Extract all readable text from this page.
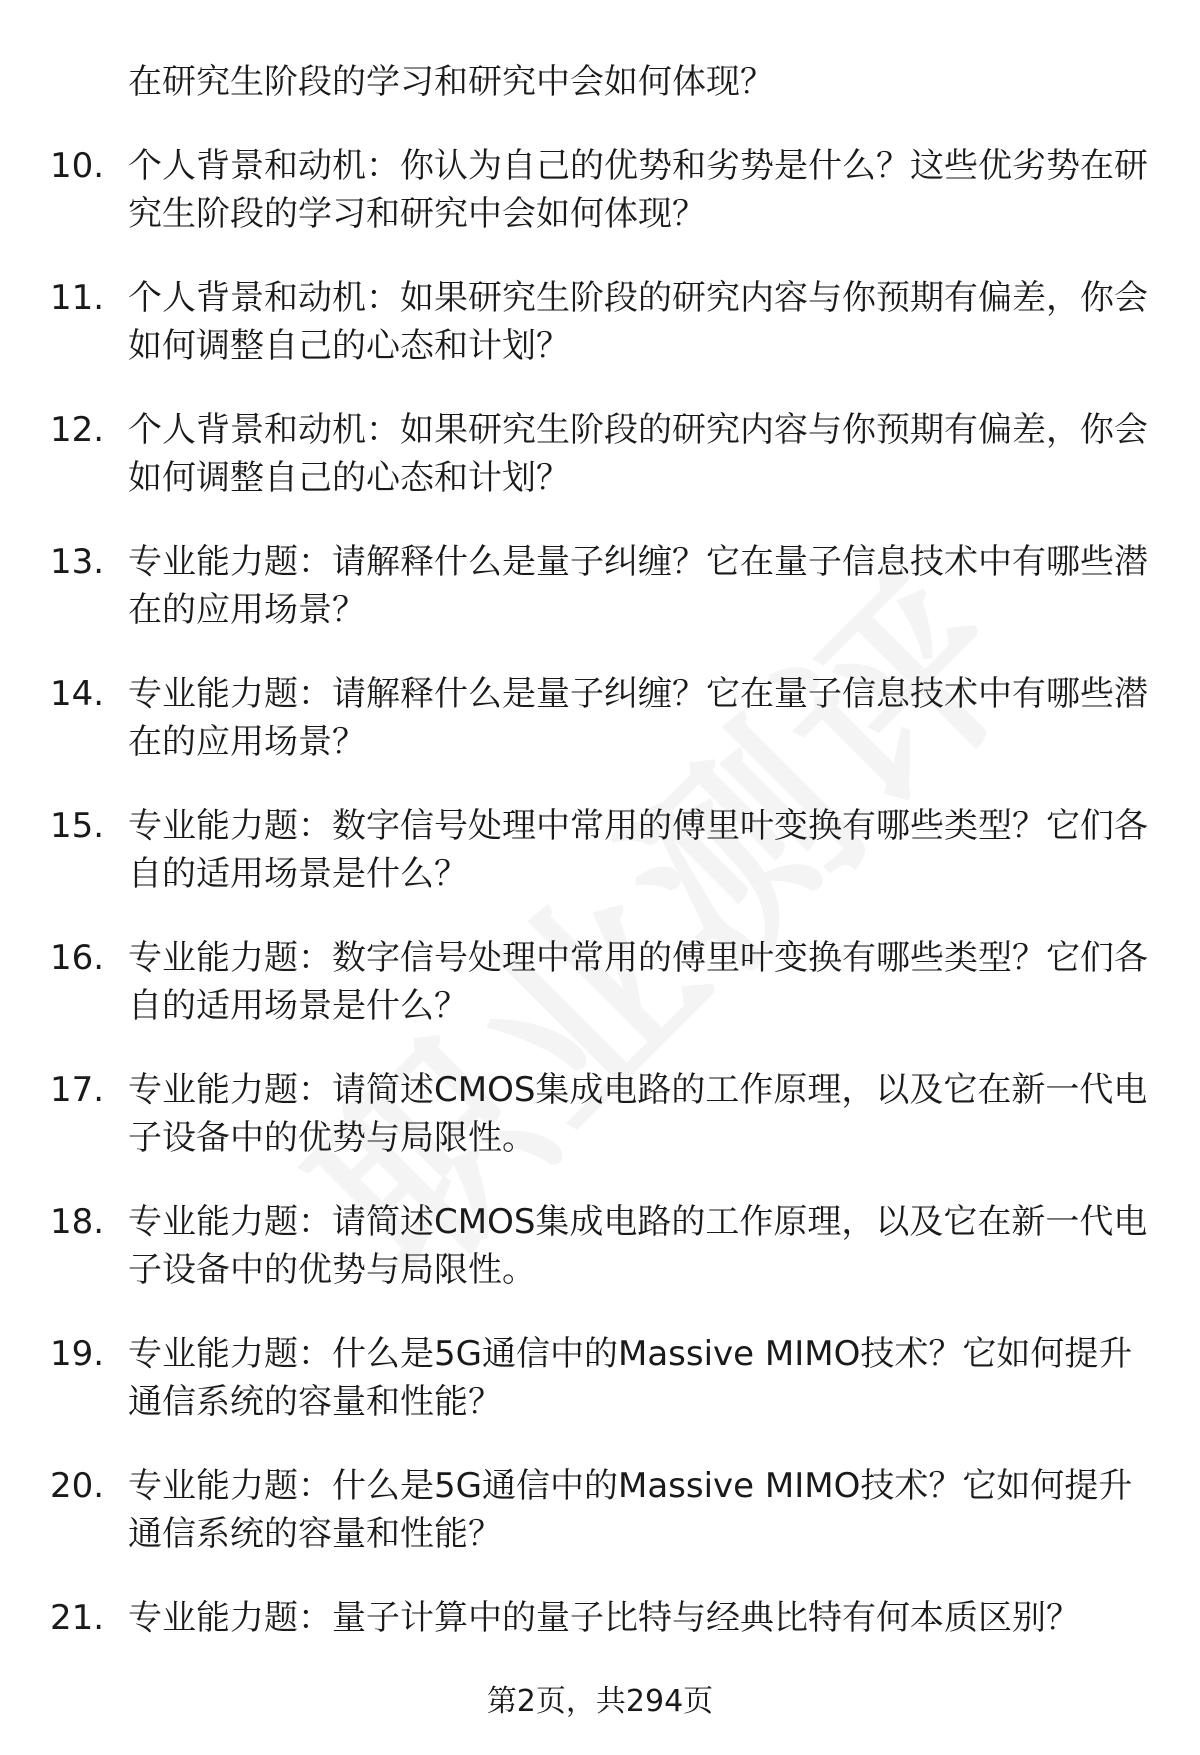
在研究生阶段的学习和研究中会如何体现？
10. 个人背景和动机：你认为自己的优势和劣势是什么？这些优劣势在研究生阶段的学习和研究中会如何体现？
11. 个人背景和动机：如果研究生阶段的研究内容与你预期有偏差，你会如何调整自己的心态和计划？
12. 个人背景和动机：如果研究生阶段的研究内容与你预期有偏差，你会如何调整自己的心态和计划？
13. 专业能力题：请解释什么是量子纠缠？它在量子信息技术中有哪些潜在的应用场景？
14. 专业能力题：请解释什么是量子纠缠？它在量子信息技术中有哪些潜在的应用场景？
15. 专业能力题：数字信号处理中常用的傅里叶变换有哪些类型？它们各自的适用场景是什么？
16. 专业能力题：数字信号处理中常用的傅里叶变换有哪些类型？它们各自的适用场景是什么？
17. 专业能力题：请简述CMOS集成电路的工作原理，以及它在新一代电子设备中的优势与局限性。
18. 专业能力题：请简述CMOS集成电路的工作原理，以及它在新一代电子设备中的优势与局限性。
19. 专业能力题：什么是5G通信中的Massive MIMO技术？它如何提升通信系统的容量和性能？
20. 专业能力题：什么是5G通信中的Massive MIMO技术？它如何提升通信系统的容量和性能？
21. 专业能力题：量子计算中的量子比特与经典比特有何本质区别？
第2页，共294页
